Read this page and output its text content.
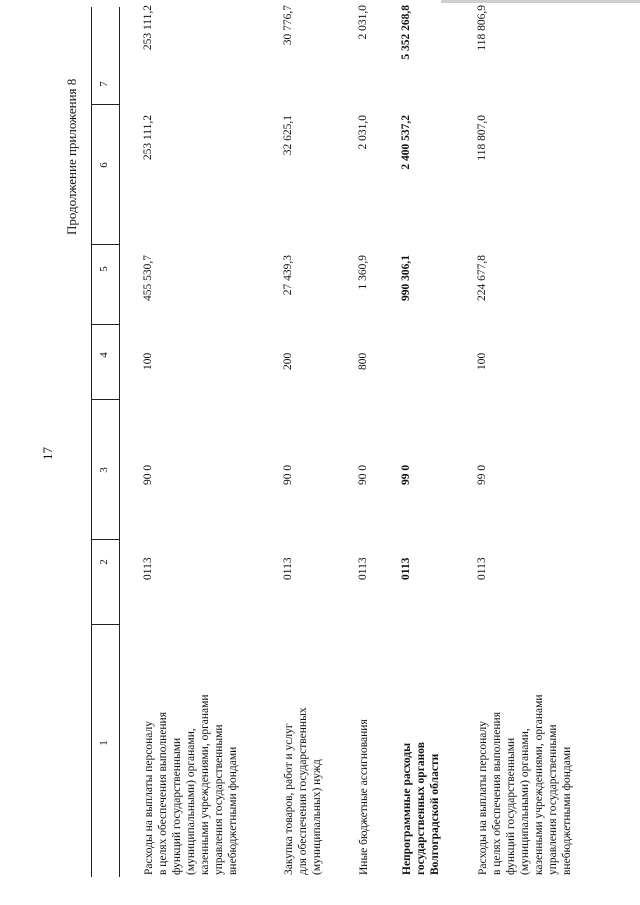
17
Продолжение приложения 8
1
2
3
4
5
6
7
Расходы на выплаты персоналу
в целях обеспечения выполнения
функций государственными
(муниципальными) органами,
казенными учреждениями, органами
управления государственными
внебюджетными фондами
0113
90 0
100
455 530,7
253 111,2
253 111,2
Закупка товаров, работ и услуг
для обеспечения государственных
(муниципальных) нужд
0113
90 0
200
27 439,3
32 625,1
30 776,7
Иные бюджетные ассигнования
0113
90 0
800
1 360,9
2 031,0
2 031,0
Непрограммные расходы
государственных органов
Волгоградской области
0113
99 0
990 306,1
2 400 537,2
5 352 268,8
Расходы на выплаты персоналу
в целях обеспечения выполнения
функций государственными
(муниципальными) органами,
казенными учреждениями, органами
управления государственными
внебюджетными фондами
0113
99 0
100
224 677,8
118 807,0
118 806,9
